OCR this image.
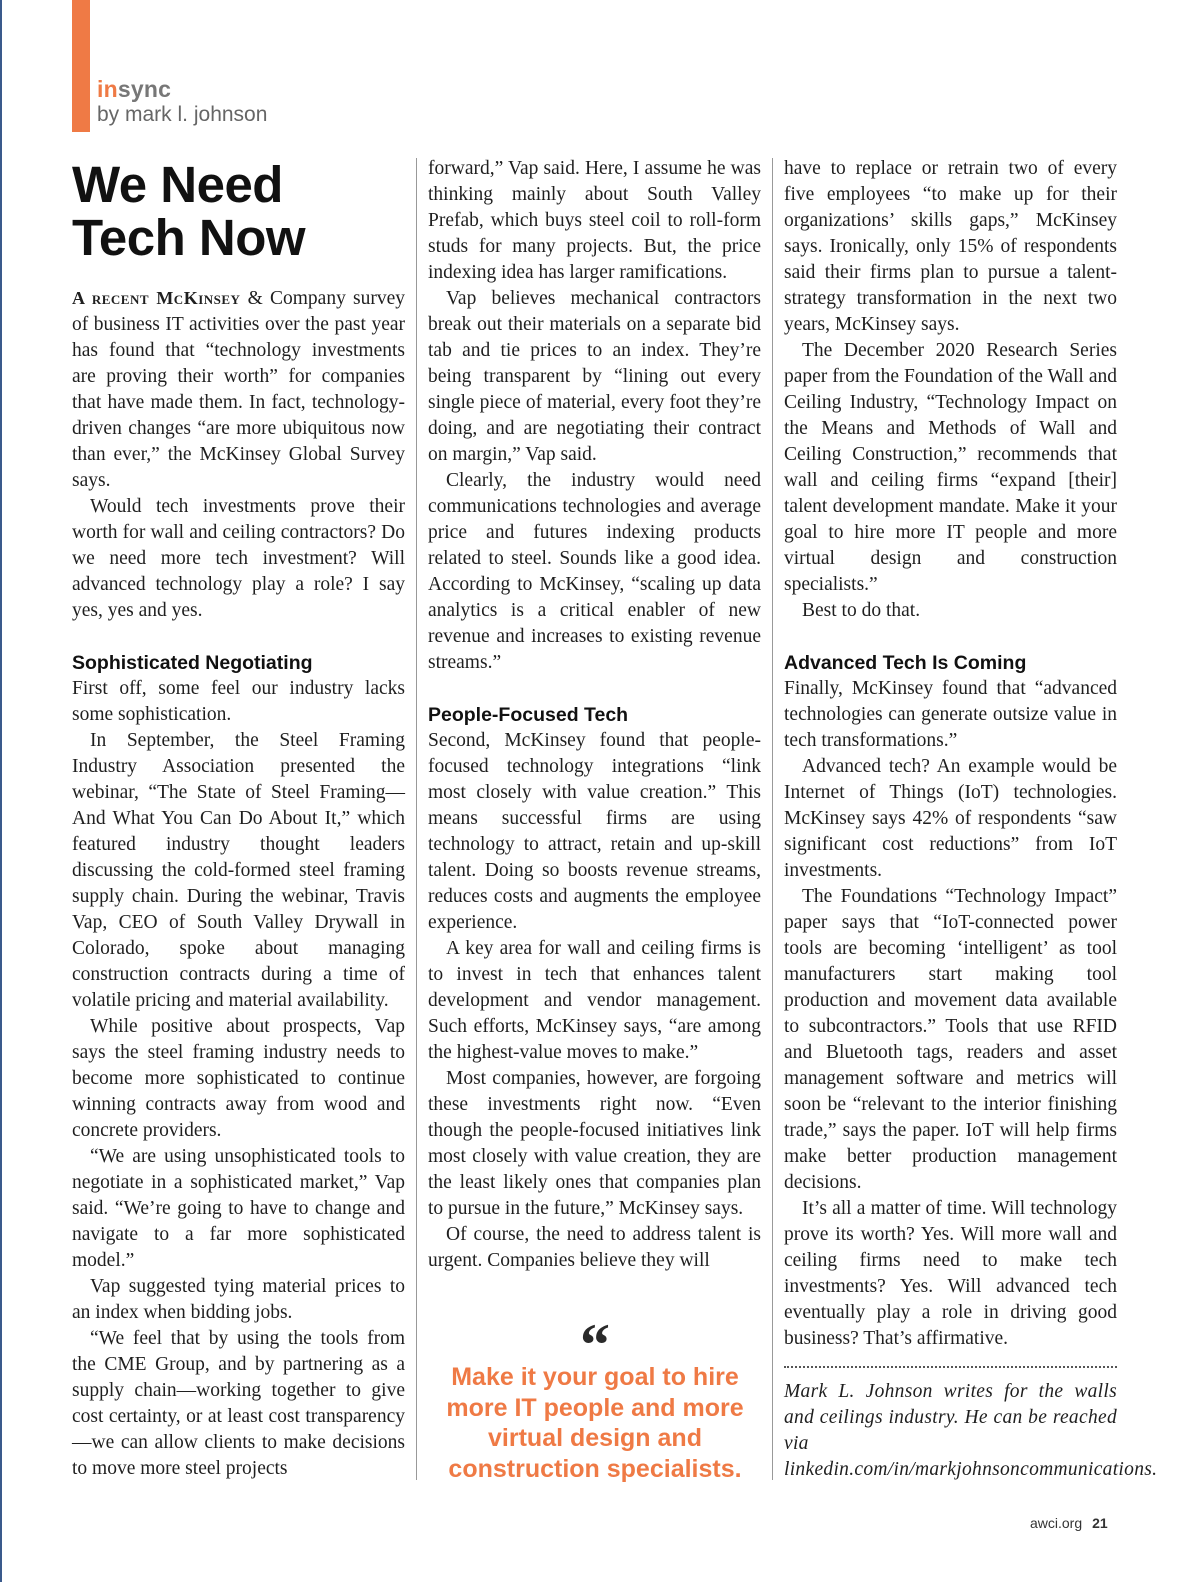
insync
by mark l. johnson
We Need
Tech Now

A recent McKinsey & Company survey of business IT activities over the past year has found that “technology investments are proving their worth” for companies that have made them. In fact, technology-driven changes “are more ubiquitous now than ever,” the McKinsey Global Survey says.

Would tech investments prove their worth for wall and ceiling contractors? Do we need more tech investment? Will advanced technology play a role? I say yes, yes and yes.

Sophisticated Negotiating

First off, some feel our industry lacks some sophistication.

In September, the Steel Framing Industry Association presented the webinar, “The State of Steel Framing—And What You Can Do About It,” which featured industry thought leaders discussing the cold-formed steel framing supply chain. During the webinar, Travis Vap, CEO of South Valley Drywall in Colorado, spoke about managing construction contracts during a time of volatile pricing and material availability.

While positive about prospects, Vap says the steel framing industry needs to become more sophisticated to continue winning contracts away from wood and concrete providers.

“We are using unsophisticated tools to negotiate in a sophisticated market,” Vap said. “We’re going to have to change and navigate to a far more sophisticated model.”

Vap suggested tying material prices to an index when bidding jobs.

“We feel that by using the tools from the CME Group, and by partnering as a supply chain—working together to give cost certainty, or at least cost transparency—we can allow clients to make decisions to move more steel projects

forward,” Vap said. Here, I assume he was thinking mainly about South Valley Prefab, which buys steel coil to roll-form studs for many projects. But, the price indexing idea has larger ramifications.

Vap believes mechanical contractors break out their materials on a separate bid tab and tie prices to an index. They’re being transparent by “lining out every single piece of material, every foot they’re doing, and are negotiating their contract on margin,” Vap said.

Clearly, the industry would need communications technologies and average price and futures indexing products related to steel. Sounds like a good idea. According to McKinsey, “scaling up data analytics is a critical enabler of new revenue and increases to existing revenue streams.”

People-Focused Tech

Second, McKinsey found that people-focused technology integrations “link most closely with value creation.” This means successful firms are using technology to attract, retain and up-skill talent. Doing so boosts revenue streams, reduces costs and augments the employee experience.

A key area for wall and ceiling firms is to invest in tech that enhances talent development and vendor management. Such efforts, McKinsey says, “are among the highest-value moves to make.”

Most companies, however, are forgoing these investments right now. “Even though the people-focused initiatives link most closely with value creation, they are the least likely ones that companies plan to pursue in the future,” McKinsey says.

Of course, the need to address talent is urgent. Companies believe they will

“
Make it your goal to hire more IT people and more virtual design and construction specialists.

have to replace or retrain two of every five employees “to make up for their organizations’ skills gaps,” McKinsey says. Ironically, only 15% of respondents said their firms plan to pursue a talent-strategy transformation in the next two years, McKinsey says.

The December 2020 Research Series paper from the Foundation of the Wall and Ceiling Industry, “Technology Impact on the Means and Methods of Wall and Ceiling Construction,” recommends that wall and ceiling firms “expand [their] talent development mandate. Make it your goal to hire more IT people and more virtual design and construction specialists.”

Best to do that.

Advanced Tech Is Coming

Finally, McKinsey found that “advanced technologies can generate outsize value in tech transformations.”

Advanced tech? An example would be Internet of Things (IoT) technologies. McKinsey says 42% of respondents “saw significant cost reductions” from IoT investments.

The Foundations “Technology Impact” paper says that “IoT-connected power tools are becoming ‘intelligent’ as tool manufacturers start making tool production and movement data available to subcontractors.” Tools that use RFID and Bluetooth tags, readers and asset management software and metrics will soon be “relevant to the interior finishing trade,” says the paper. IoT will help firms make better production management decisions.

It’s all a matter of time. Will technology prove its worth? Yes. Will more wall and ceiling firms need to make tech investments? Yes. Will advanced tech eventually play a role in driving good business? That’s affirmative.

Mark L. Johnson writes for the walls and ceilings industry. He can be reached via linkedin.com/in/markjohnsoncommunications.
awci.org 21
